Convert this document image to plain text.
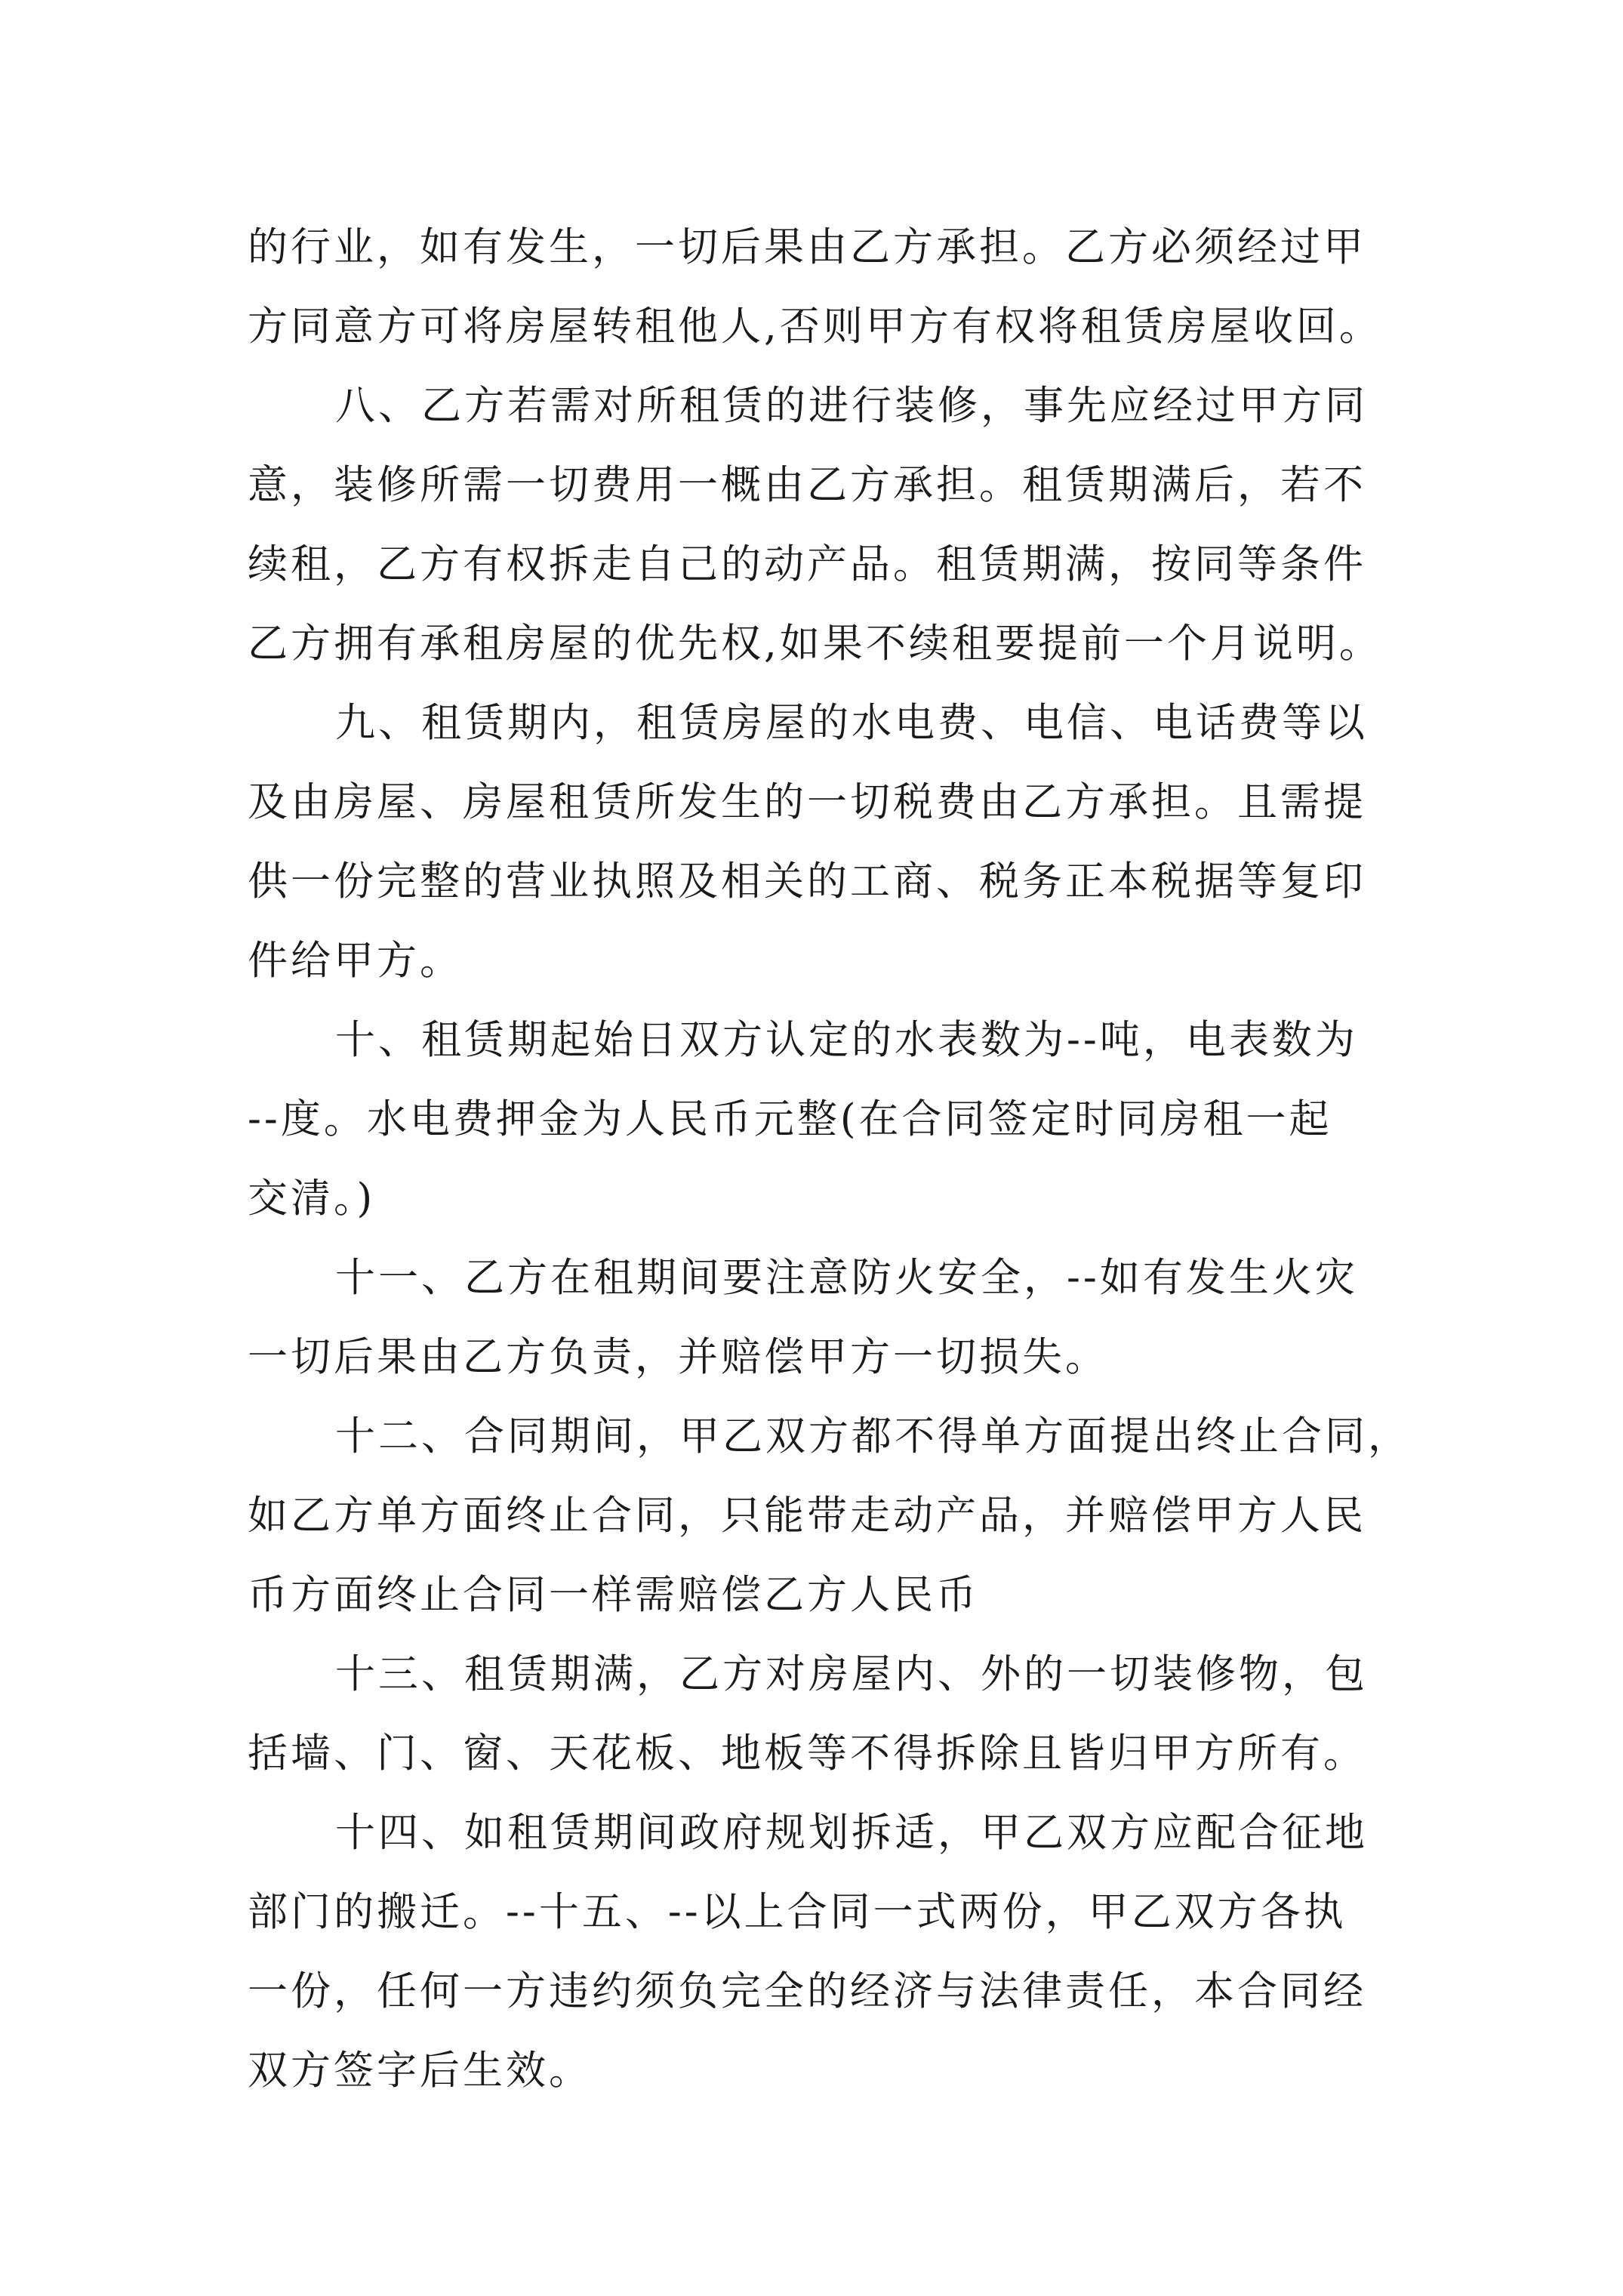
的行业，如有发生，一切后果由乙方承担。乙方必须经过甲
方同意方可将房屋转租他人,否则甲方有权将租赁房屋收回。
八、乙方若需对所租赁的进行装修，事先应经过甲方同
意，装修所需一切费用一概由乙方承担。租赁期满后，若不
续租，乙方有权拆走自己的动产品。租赁期满，按同等条件
乙方拥有承租房屋的优先权,如果不续租要提前一个月说明。
九、租赁期内，租赁房屋的水电费、电信、电话费等以
及由房屋、房屋租赁所发生的一切税费由乙方承担。且需提
供一份完整的营业执照及相关的工商、税务正本税据等复印
件给甲方。
十、租赁期起始日双方认定的水表数为--吨，电表数为
--度。水电费押金为人民币元整(在合同签定时同房租一起
交清。)
十一、乙方在租期间要注意防火安全，--如有发生火灾
一切后果由乙方负责，并赔偿甲方一切损失。
十二、合同期间，甲乙双方都不得单方面提出终止合同，
如乙方单方面终止合同，只能带走动产品，并赔偿甲方人民
币方面终止合同一样需赔偿乙方人民币
十三、租赁期满，乙方对房屋内、外的一切装修物，包
括墙、门、窗、天花板、地板等不得拆除且皆归甲方所有。
十四、如租赁期间政府规划拆适，甲乙双方应配合征地
部门的搬迁。--十五、--以上合同一式两份，甲乙双方各执
一份，任何一方违约须负完全的经济与法律责任，本合同经
双方签字后生效。
